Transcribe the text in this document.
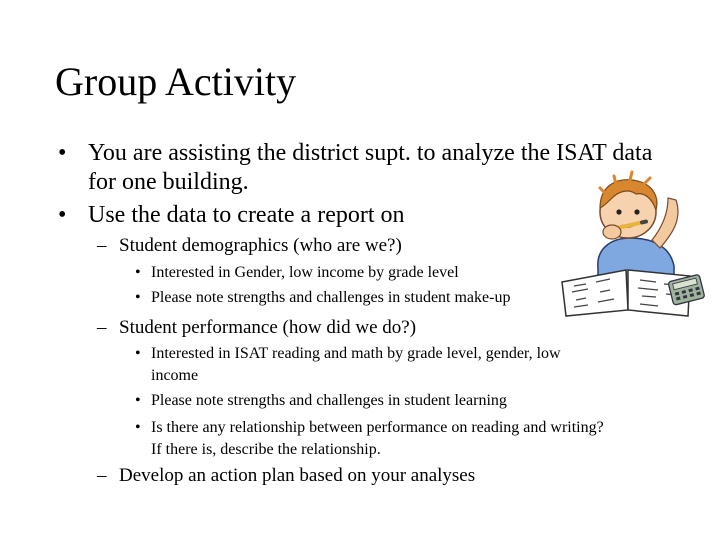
Group Activity
• You are assisting the district supt. to analyze the ISAT data
for one building.
• Use the data to create a report on
– Student demographics (who are we?)
• Interested in Gender, low income by grade level
• Please note strengths and challenges in student make-up
– Student performance (how did we do?)
• Interested in ISAT reading and math by grade level, gender, low
income
• Please note strengths and challenges in student learning
• Is there any relationship between performance on reading and writing?
If there is, describe the relationship.
– Develop an action plan based on your analyses
